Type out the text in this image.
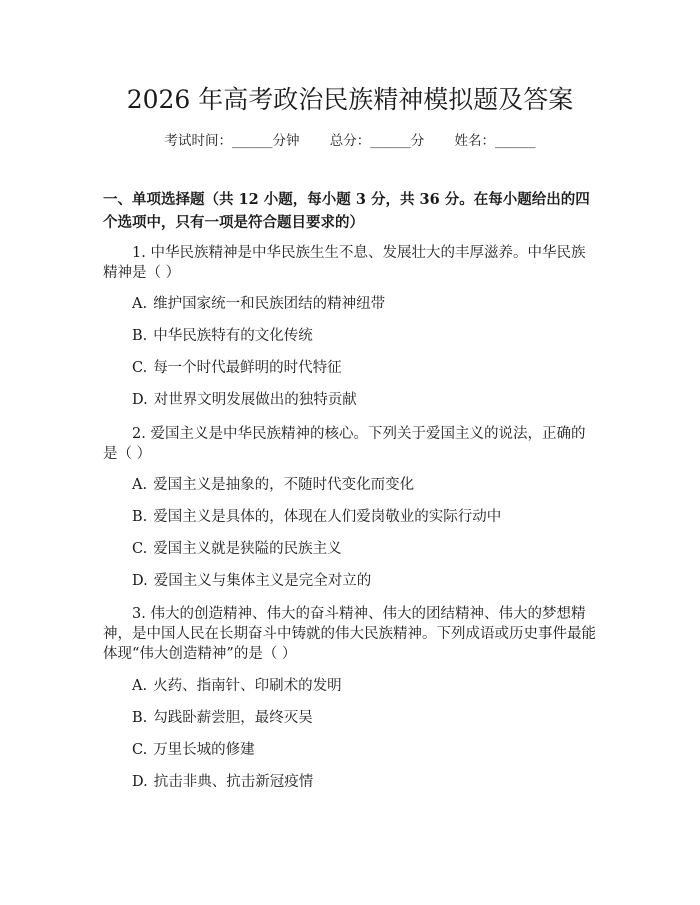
2026 年高考政治民族精神模拟题及答案
考试时间：______分钟 总分：______分 姓名：______
一、单项选择题（共 12 小题，每小题 3 分，共 36 分。在每小题给出的四个选项中，只有一项是符合题目要求的）
1. 中华民族精神是中华民族生生不息、发展壮大的丰厚滋养。中华民族精神是（ ）
A. 维护国家统一和民族团结的精神纽带
B. 中华民族特有的文化传统
C. 每一个时代最鲜明的时代特征
D. 对世界文明发展做出的独特贡献
2. 爱国主义是中华民族精神的核心。下列关于爱国主义的说法，正确的是（ ）
A. 爱国主义是抽象的，不随时代变化而变化
B. 爱国主义是具体的，体现在人们爱岗敬业的实际行动中
C. 爱国主义就是狭隘的民族主义
D. 爱国主义与集体主义是完全对立的
3. 伟大的创造精神、伟大的奋斗精神、伟大的团结精神、伟大的梦想精神，是中国人民在长期奋斗中铸就的伟大民族精神。下列成语或历史事件最能体现“伟大创造精神”的是（ ）
A. 火药、指南针、印刷术的发明
B. 勾践卧薪尝胆，最终灭吴
C. 万里长城的修建
D. 抗击非典、抗击新冠疫情
